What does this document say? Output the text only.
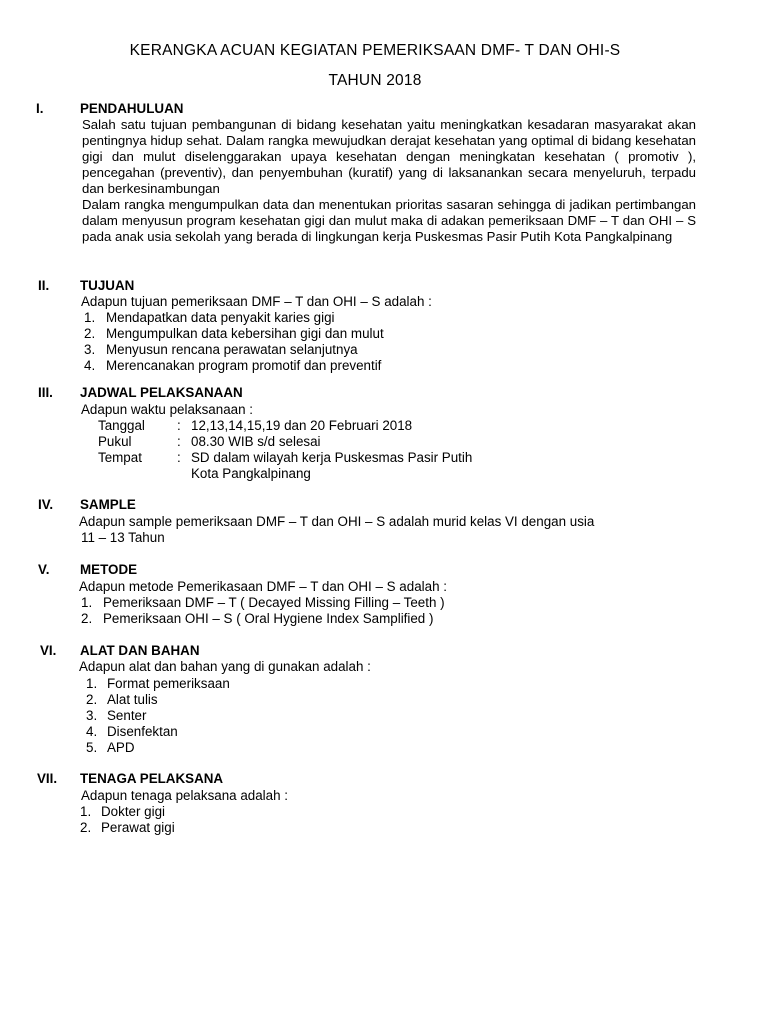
KERANGKA ACUAN KEGIATAN PEMERIKSAAN DMF- T DAN OHI-S
TAHUN 2018
I.	PENDAHULUAN
Salah satu tujuan pembangunan di bidang kesehatan yaitu meningkatkan kesadaran masyarakat akan pentingnya hidup sehat. Dalam rangka mewujudkan derajat kesehatan yang optimal di bidang kesehatan gigi dan mulut diselenggarakan upaya kesehatan dengan meningkatan kesehatan ( promotiv ), pencegahan (preventiv), dan penyembuhan (kuratif) yang di laksanankan secara menyeluruh, terpadu dan berkesinambungan
Dalam rangka mengumpulkan data dan menentukan prioritas sasaran sehingga di jadikan pertimbangan dalam menyusun program kesehatan gigi dan mulut maka di adakan pemeriksaan DMF – T dan OHI – S pada anak usia sekolah yang berada di lingkungan kerja Puskesmas Pasir Putih Kota Pangkalpinang
II. TUJUAN
Adapun tujuan pemeriksaan DMF – T dan OHI – S adalah :
1. Mendapatkan data penyakit karies gigi
2. Mengumpulkan data kebersihan gigi dan mulut
3. Menyusun rencana perawatan selanjutnya
4. Merencanakan program promotif dan preventif
III. JADWAL PELAKSANAAN
Adapun waktu pelaksanaan :
Tanggal : 12,13,14,15,19 dan 20 Februari 2018
Pukul	: 08.30 WIB s/d selesai
Tempat	: SD dalam wilayah kerja Puskesmas Pasir Putih
Kota Pangkalpinang
IV. SAMPLE
Adapun sample pemeriksaan DMF – T dan OHI – S adalah murid kelas VI dengan usia
11 – 13 Tahun
V. METODE
Adapun metode Pemerikasaan DMF – T dan OHI – S adalah :
1. Pemeriksaan DMF – T ( Decayed Missing Filling – Teeth )
2. Pemeriksaan OHI – S ( Oral Hygiene Index Samplified )
VI. ALAT DAN BAHAN
Adapun alat dan bahan yang di gunakan adalah :
1. Format pemeriksaan
2. Alat tulis
3. Senter
4. Disenfektan
5. APD
VII. TENAGA PELAKSANA
Adapun tenaga pelaksana adalah :
1. Dokter gigi
2. Perawat gigi
